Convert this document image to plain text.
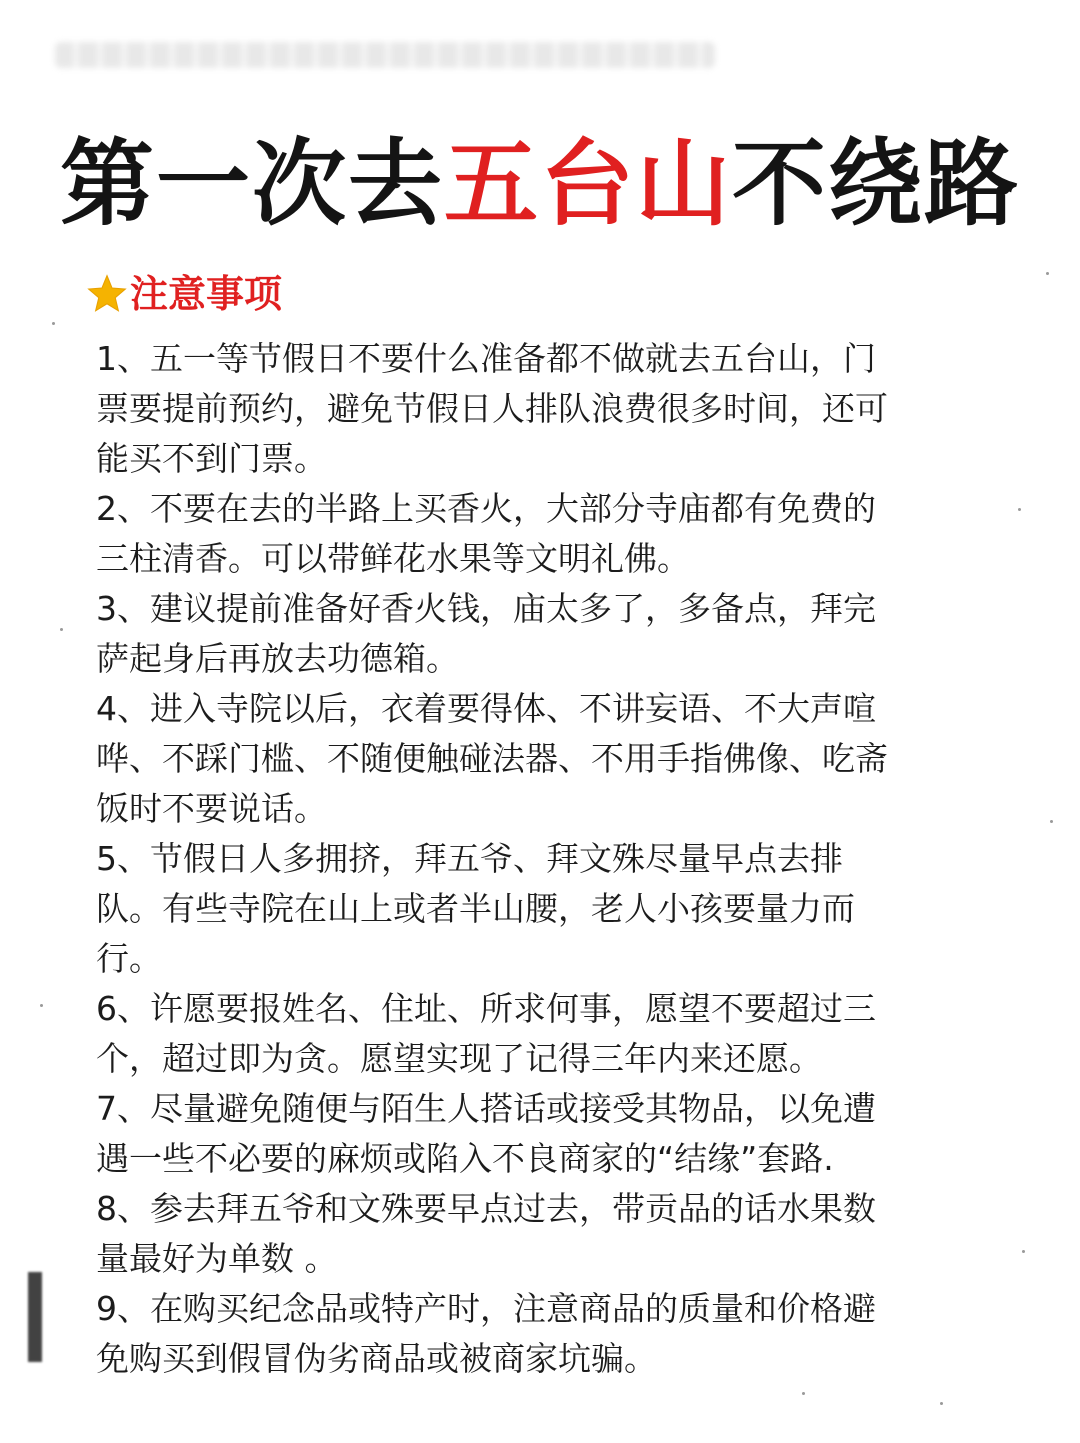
第一次去 五台山 不绕路
注意事项

1、五一等节假日不要什么准备都不做就去五台山，门
票要提前预约，避免节假日人排队浪费很多时间，还可
能买不到门票。

2、不要在去的半路上买香火，大部分寺庙都有免费的
三柱清香。可以带鲜花水果等文明礼佛。

3、建议提前准备好香火钱，庙太多了，多备点，拜完
萨起身后再放去功德箱。

4、进入寺院以后，衣着要得体、不讲妄语、不大声喧
哗、不踩门槛、不随便触碰法器、不用手指佛像、吃斋
饭时不要说话。

5、节假日人多拥挤，拜五爷、拜文殊尽量早点去排
队。有些寺院在山上或者半山腰，老人小孩要量力而
行。

6、许愿要报姓名、住址、所求何事，愿望不要超过三
个，超过即为贪。愿望实现了记得三年内来还愿。

7、尽量避免随便与陌生人搭话或接受其物品，以免遭
遇一些不必要的麻烦或陷入不良商家的“结缘”套路.

8、参去拜五爷和文殊要早点过去，带贡品的话水果数
量最好为单数 。

9、在购买纪念品或特产时，注意商品的质量和价格避
免购买到假冒伪劣商品或被商家坑骗。
